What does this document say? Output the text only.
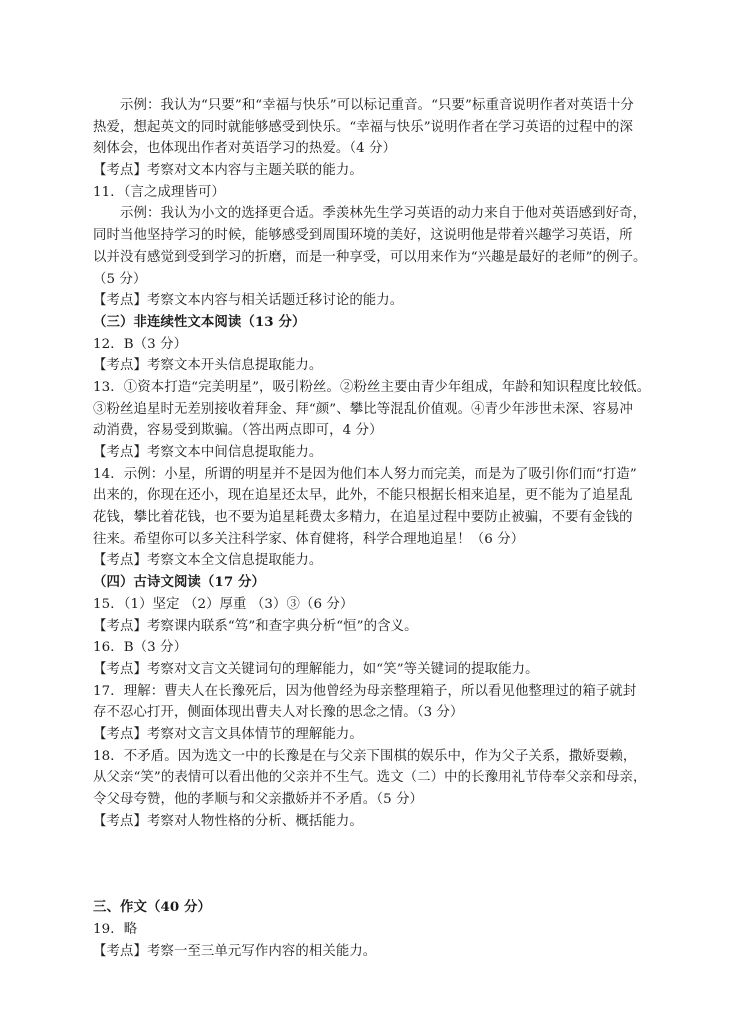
示例：我认为“只要”和“幸福与快乐”可以标记重音。“只要”标重音说明作者对英语十分
热爱，想起英文的同时就能够感受到快乐。“幸福与快乐”说明作者在学习英语的过程中的深
刻体会，也体现出作者对英语学习的热爱。（4 分）
【考点】考察对文本内容与主题关联的能力。
11．（言之成理皆可）
示例：我认为小文的选择更合适。季羡林先生学习英语的动力来自于他对英语感到好奇，
同时当他坚持学习的时候，能够感受到周围环境的美好，这说明他是带着兴趣学习英语，所
以并没有感觉到受到学习的折磨，而是一种享受，可以用来作为“兴趣是最好的老师”的例子。
（5 分）
【考点】考察文本内容与相关话题迁移讨论的能力。
（三）非连续性文本阅读（13 分）
12．B（3 分）
【考点】考察文本开头信息提取能力。
13．①资本打造“完美明星”，吸引粉丝。②粉丝主要由青少年组成，年龄和知识程度比较低。
③粉丝追星时无差别接收着拜金、拜“颜”、攀比等混乱价值观。④青少年涉世未深、容易冲
动消费，容易受到欺骗。（答出两点即可，4 分）
【考点】考察文本中间信息提取能力。
14．示例：小星，所谓的明星并不是因为他们本人努力而完美，而是为了吸引你们而“打造”
出来的，你现在还小，现在追星还太早，此外，不能只根据长相来追星，更不能为了追星乱
花钱，攀比着花钱，也不要为追星耗费太多精力，在追星过程中要防止被骗，不要有金钱的
往来。希望你可以多关注科学家、体育健将，科学合理地追星！（6 分）
【考点】考察文本全文信息提取能力。
（四）古诗文阅读（17 分）
15．（1）坚定 （2）厚重 （3）③（6 分）
【考点】考察课内联系“笃”和查字典分析“恒”的含义。
16．B（3 分）
【考点】考察对文言文关键词句的理解能力，如“笑”等关键词的提取能力。
17．理解：曹夫人在长豫死后，因为他曾经为母亲整理箱子，所以看见他整理过的箱子就封
存不忍心打开，侧面体现出曹夫人对长豫的思念之情。（3 分）
【考点】考察对文言文具体情节的理解能力。
18．不矛盾。因为选文一中的长豫是在与父亲下围棋的娱乐中，作为父子关系，撒娇耍赖，
从父亲“笑”的表情可以看出他的父亲并不生气。选文（二）中的长豫用礼节侍奉父亲和母亲，
令父母夸赞，他的孝顺与和父亲撒娇并不矛盾。（5 分）
【考点】考察对人物性格的分析、概括能力。
三、作文（40 分）
19．略
【考点】考察一至三单元写作内容的相关能力。
